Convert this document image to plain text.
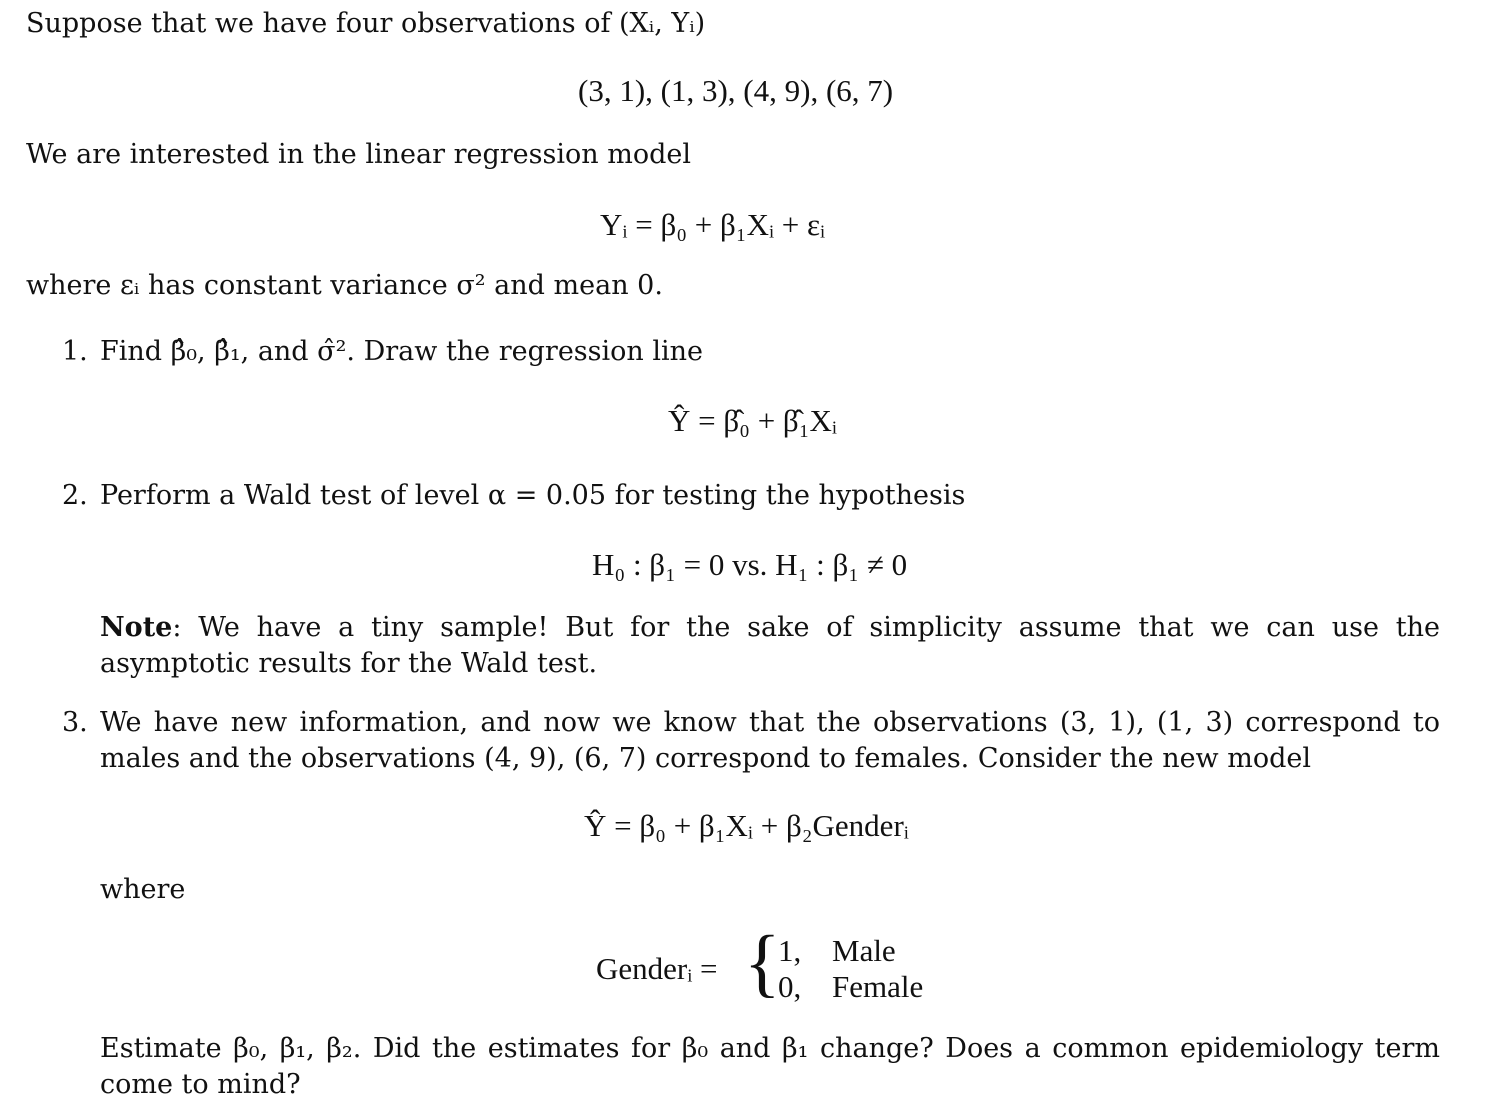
Suppose that we have four observations of (Xᵢ, Yᵢ)
(3, 1), (1, 3), (4, 9), (6, 7)
We are interested in the linear regression model
Yᵢ = β₀ + β₁Xᵢ + εᵢ
where εᵢ has constant variance σ² and mean 0.
1. Find β̂₀, β̂₁, and σ̂². Draw the regression line
Ŷ = β̂₀ + β̂₁Xᵢ
2. Perform a Wald test of level α = 0.05 for testing the hypothesis
H₀ : β₁ = 0 vs. H₁ : β₁ ≠ 0
Note: We have a tiny sample! But for the sake of simplicity assume that we can use the asymptotic results for the Wald test.
3. We have new information, and now we know that the observations (3, 1), (1, 3) correspond to males and the observations (4, 9), (6, 7) correspond to females. Consider the new model
Ŷ = β₀ + β₁Xᵢ + β₂Genderᵢ
where
Genderᵢ = {
1, Male
0, Female
Estimate β₀, β₁, β₂. Did the estimates for β₀ and β₁ change? Does a common epidemiology term come to mind?
